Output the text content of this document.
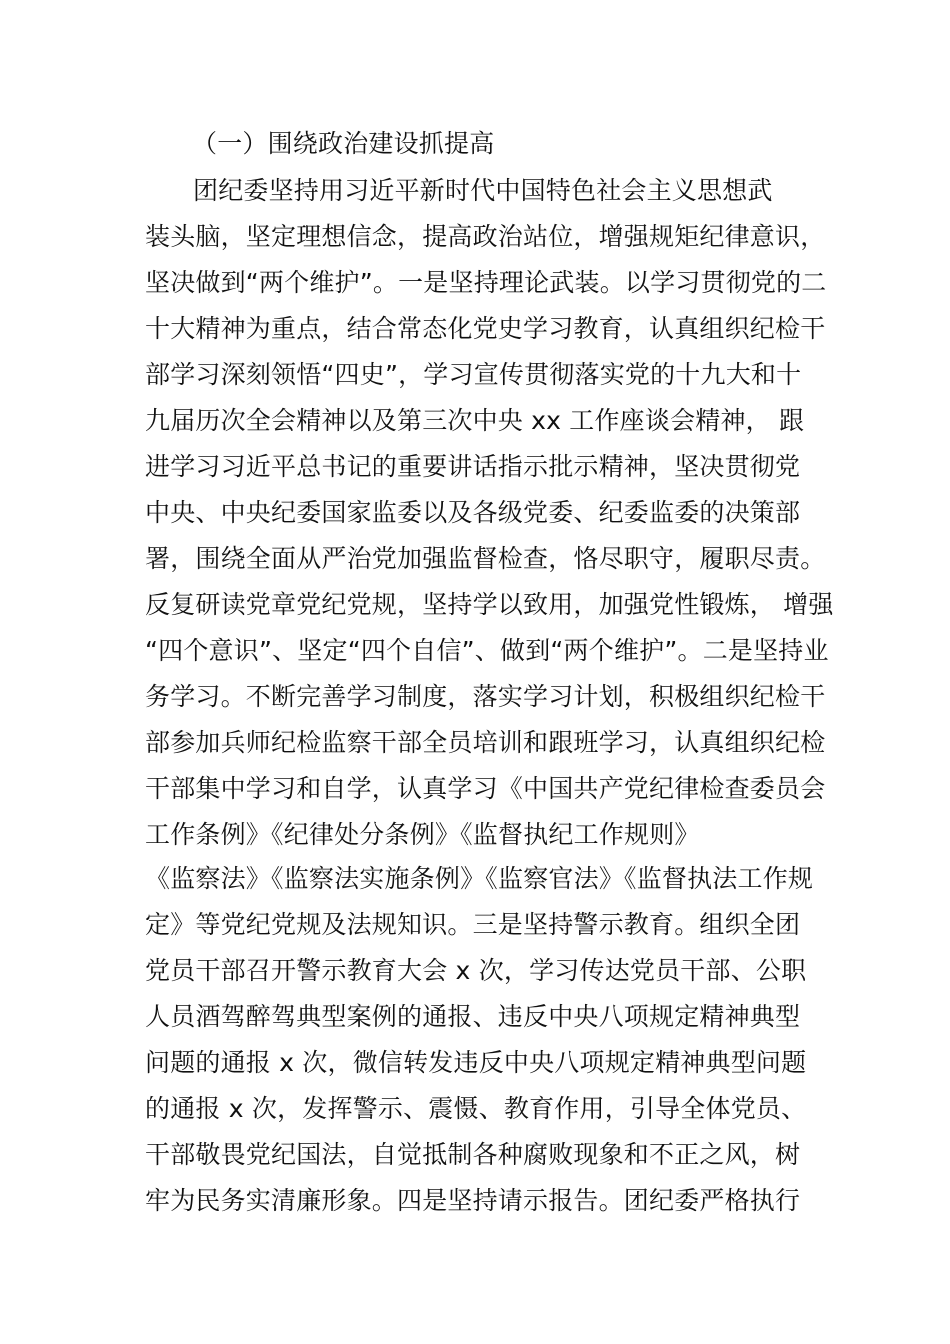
（一）围绕政治建设抓提高
团纪委坚持用习近平新时代中国特色社会主义思想武
装头脑，坚定理想信念，提高政治站位，增强规矩纪律意识，
坚决做到“两个维护”。一是坚持理论武装。以学习贯彻党的二
十大精神为重点，结合常态化党史学习教育，认真组织纪检干
部学习深刻领悟“四史”，学习宣传贯彻落实党的十九大和十
九届历次全会精神以及第三次中央 xx 工作座谈会精神， 跟
进学习习近平总书记的重要讲话指示批示精神，坚决贯彻党
中央、中央纪委国家监委以及各级党委、纪委监委的决策部
署，围绕全面从严治党加强监督检查，恪尽职守，履职尽责。
反复研读党章党纪党规，坚持学以致用，加强党性锻炼， 增强
“四个意识”、坚定“四个自信”、做到“两个维护”。二是坚持业
务学习。不断完善学习制度，落实学习计划，积极组织纪检干
部参加兵师纪检监察干部全员培训和跟班学习，认真组织纪检
干部集中学习和自学，认真学习《中国共产党纪律检查委员会
工作条例》《纪律处分条例》《监督执纪工作规则》
《监察法》《监察法实施条例》《监察官法》《监督执法工作规
定》等党纪党规及法规知识。三是坚持警示教育。组织全团
党员干部召开警示教育大会 x 次，学习传达党员干部、公职
人员酒驾醉驾典型案例的通报、违反中央八项规定精神典型
问题的通报 x 次，微信转发违反中央八项规定精神典型问题
的通报 x 次，发挥警示、震慑、教育作用，引导全体党员、
干部敬畏党纪国法，自觉抵制各种腐败现象和不正之风，树
牢为民务实清廉形象。四是坚持请示报告。团纪委严格执行
